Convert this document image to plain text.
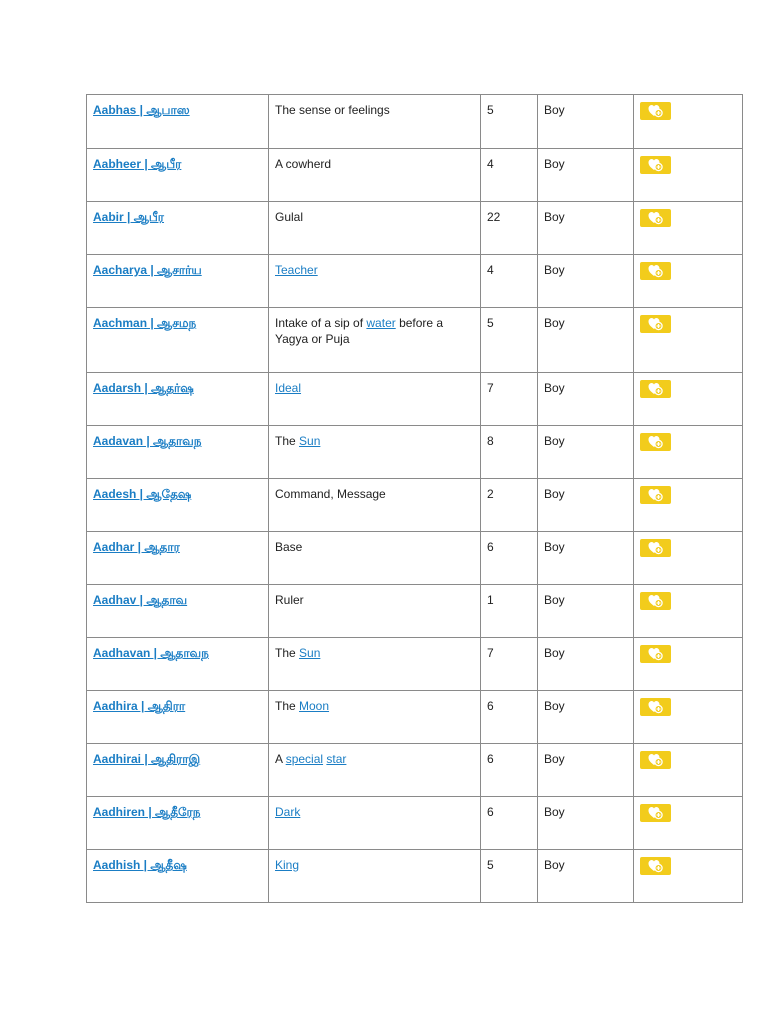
Aabhas | ஆபாஸ	The sense or feelings	5	Boy	

Aabheer | ஆபீர	A cowherd	4	Boy	

Aabir | ஆபீர	Gulal	22	Boy	

Aacharya | ஆசார்ய	Teacher	4	Boy	

Aachman | ஆசமந	Intake of a sip of water before a Yagya or Puja	5	Boy	

Aadarsh | ஆதர்ஷ	Ideal	7	Boy	

Aadavan | ஆதாவந	The Sun	8	Boy	

Aadesh | ஆதேஷ	Command, Message	2	Boy	

Aadhar | ஆதார	Base	6	Boy	

Aadhav | ஆதாவ	Ruler	1	Boy	

Aadhavan | ஆதாவந	The Sun	7	Boy	

Aadhira | ஆதிரா	The Moon	6	Boy	

Aadhirai | ஆதிராஇ	A special star	6	Boy	

Aadhiren | ஆதீரேந	Dark	6	Boy	

Aadhish | ஆதீஷ	King	5	Boy	
